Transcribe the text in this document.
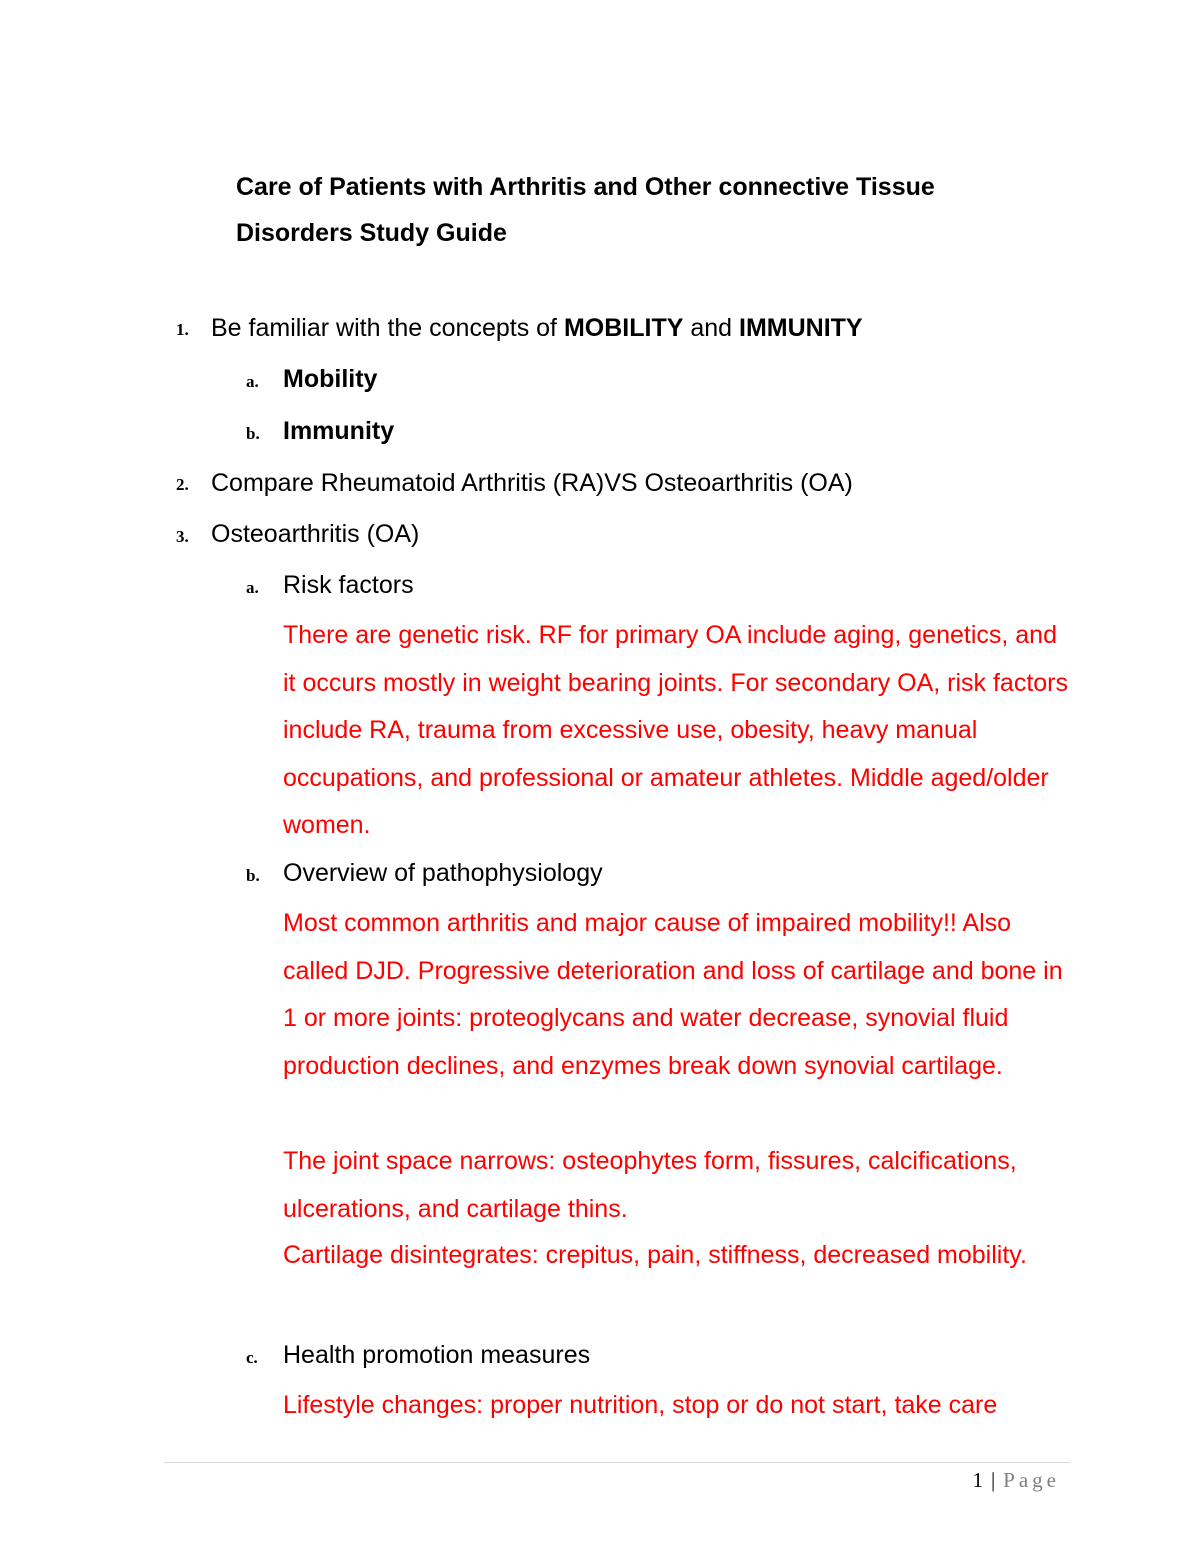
Care of Patients with Arthritis and Other connective Tissue Disorders Study Guide
1. Be familiar with the concepts of MOBILITY and IMMUNITY
a. Mobility
b. Immunity
2. Compare Rheumatoid Arthritis (RA)VS Osteoarthritis (OA)
3. Osteoarthritis (OA)
a. Risk factors

There are genetic risk. RF for primary OA include aging, genetics, and it occurs mostly in weight bearing joints. For secondary OA, risk factors include RA, trauma from excessive use, obesity, heavy manual occupations, and professional or amateur athletes. Middle aged/older women.

b. Overview of pathophysiology

Most common arthritis and major cause of impaired mobility!! Also called DJD. Progressive deterioration and loss of cartilage and bone in 1 or more joints: proteoglycans and water decrease, synovial fluid production declines, and enzymes break down synovial cartilage.

The joint space narrows: osteophytes form, fissures, calcifications, ulcerations, and cartilage thins.

Cartilage disintegrates: crepitus, pain, stiffness, decreased mobility.

c. Health promotion measures

Lifestyle changes: proper nutrition, stop or do not start, take care

1 | Page
